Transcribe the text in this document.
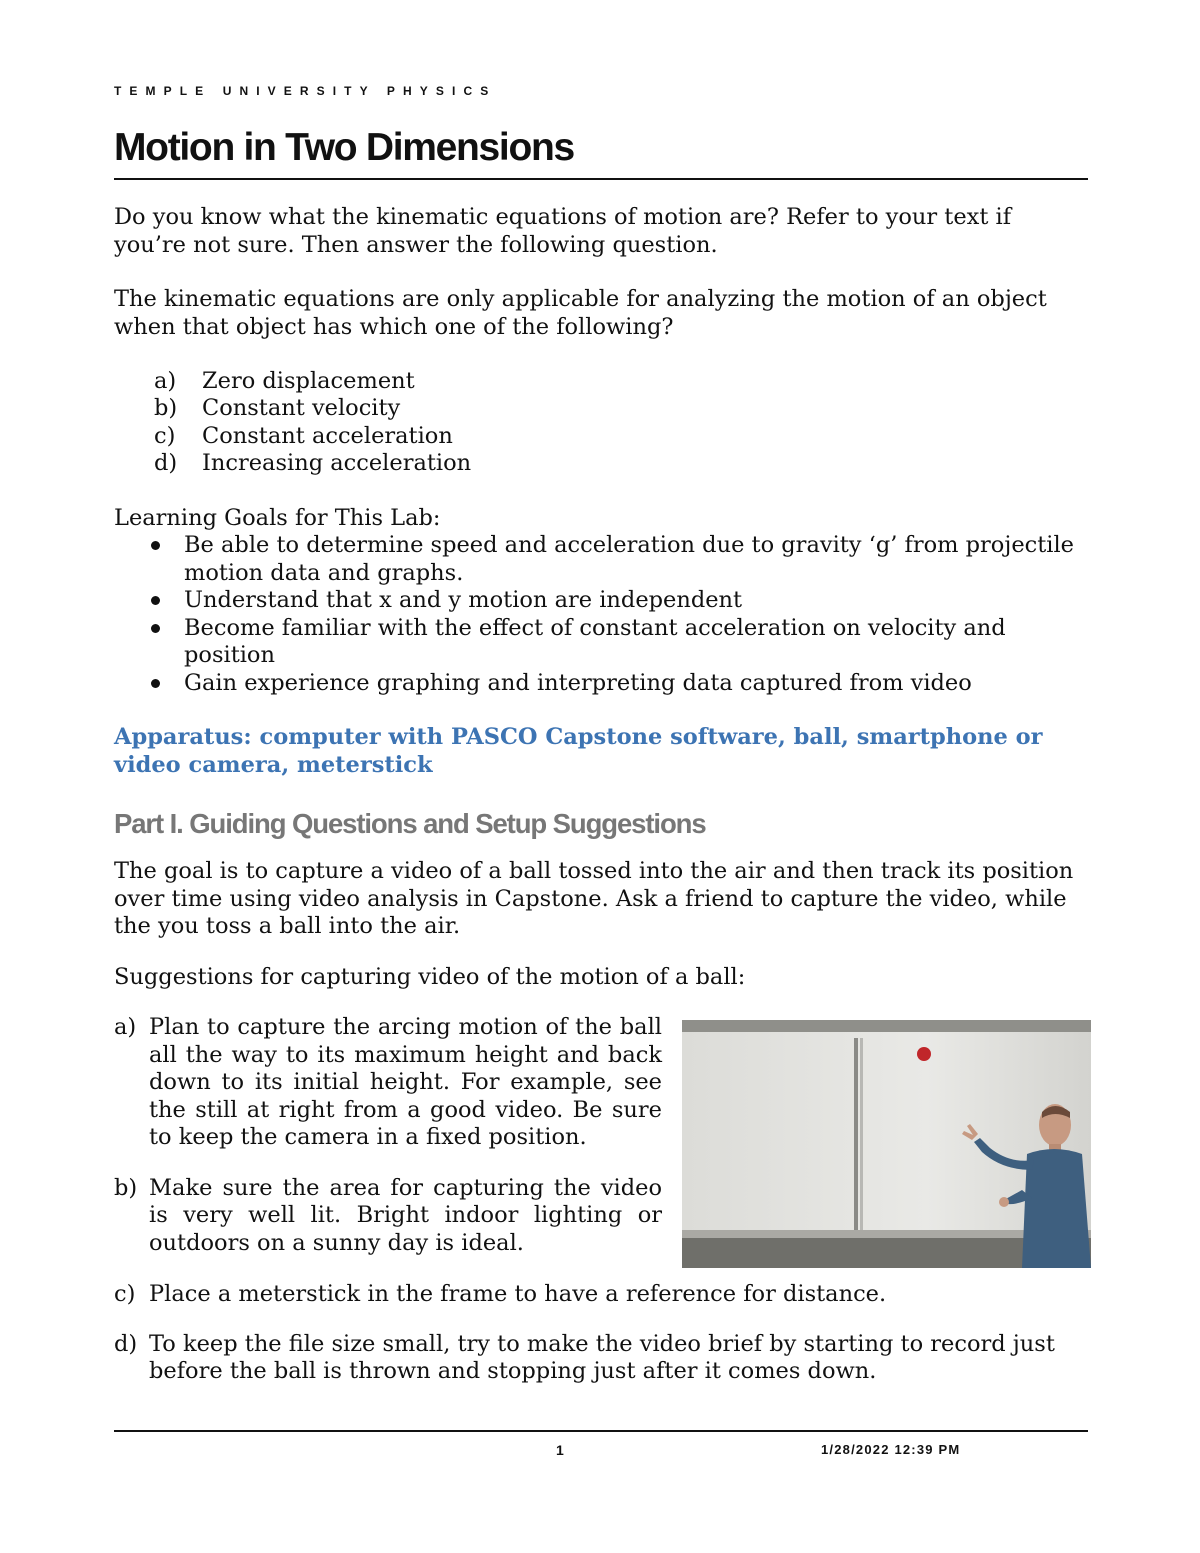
TEMPLE UNIVERSITY PHYSICS
Motion in Two Dimensions

Do you know what the kinematic equations of motion are? Refer to your text if you’re not sure. Then answer the following question.

The kinematic equations are only applicable for analyzing the motion of an object when that object has which one of the following?

a) Zero displacement
b) Constant velocity
c) Constant acceleration
d) Increasing acceleration
Learning Goals for This Lab:
Be able to determine speed and acceleration due to gravity ‘g’ from projectile motion data and graphs.
Understand that x and y motion are independent
Become familiar with the effect of constant acceleration on velocity and position
Gain experience graphing and interpreting data captured from video
Apparatus: computer with PASCO Capstone software, ball, smartphone or video camera, meterstick
Part I. Guiding Questions and Setup Suggestions

The goal is to capture a video of a ball tossed into the air and then track its position over time using video analysis in Capstone. Ask a friend to capture the video, while the you toss a ball into the air.

Suggestions for capturing video of the motion of a ball:

a) Plan to capture the arcing motion of the ball all the way to its maximum height and back down to its initial height. For example, see the still at right from a good video. Be sure to keep the camera in a fixed position.
b) Make sure the area for capturing the video is very well lit. Bright indoor lighting or outdoors on a sunny day is ideal.
c) Place a meterstick in the frame to have a reference for distance.
d) To keep the file size small, try to make the video brief by starting to record just before the ball is thrown and stopping just after it comes down.
1	1/28/2022 12:39 PM
